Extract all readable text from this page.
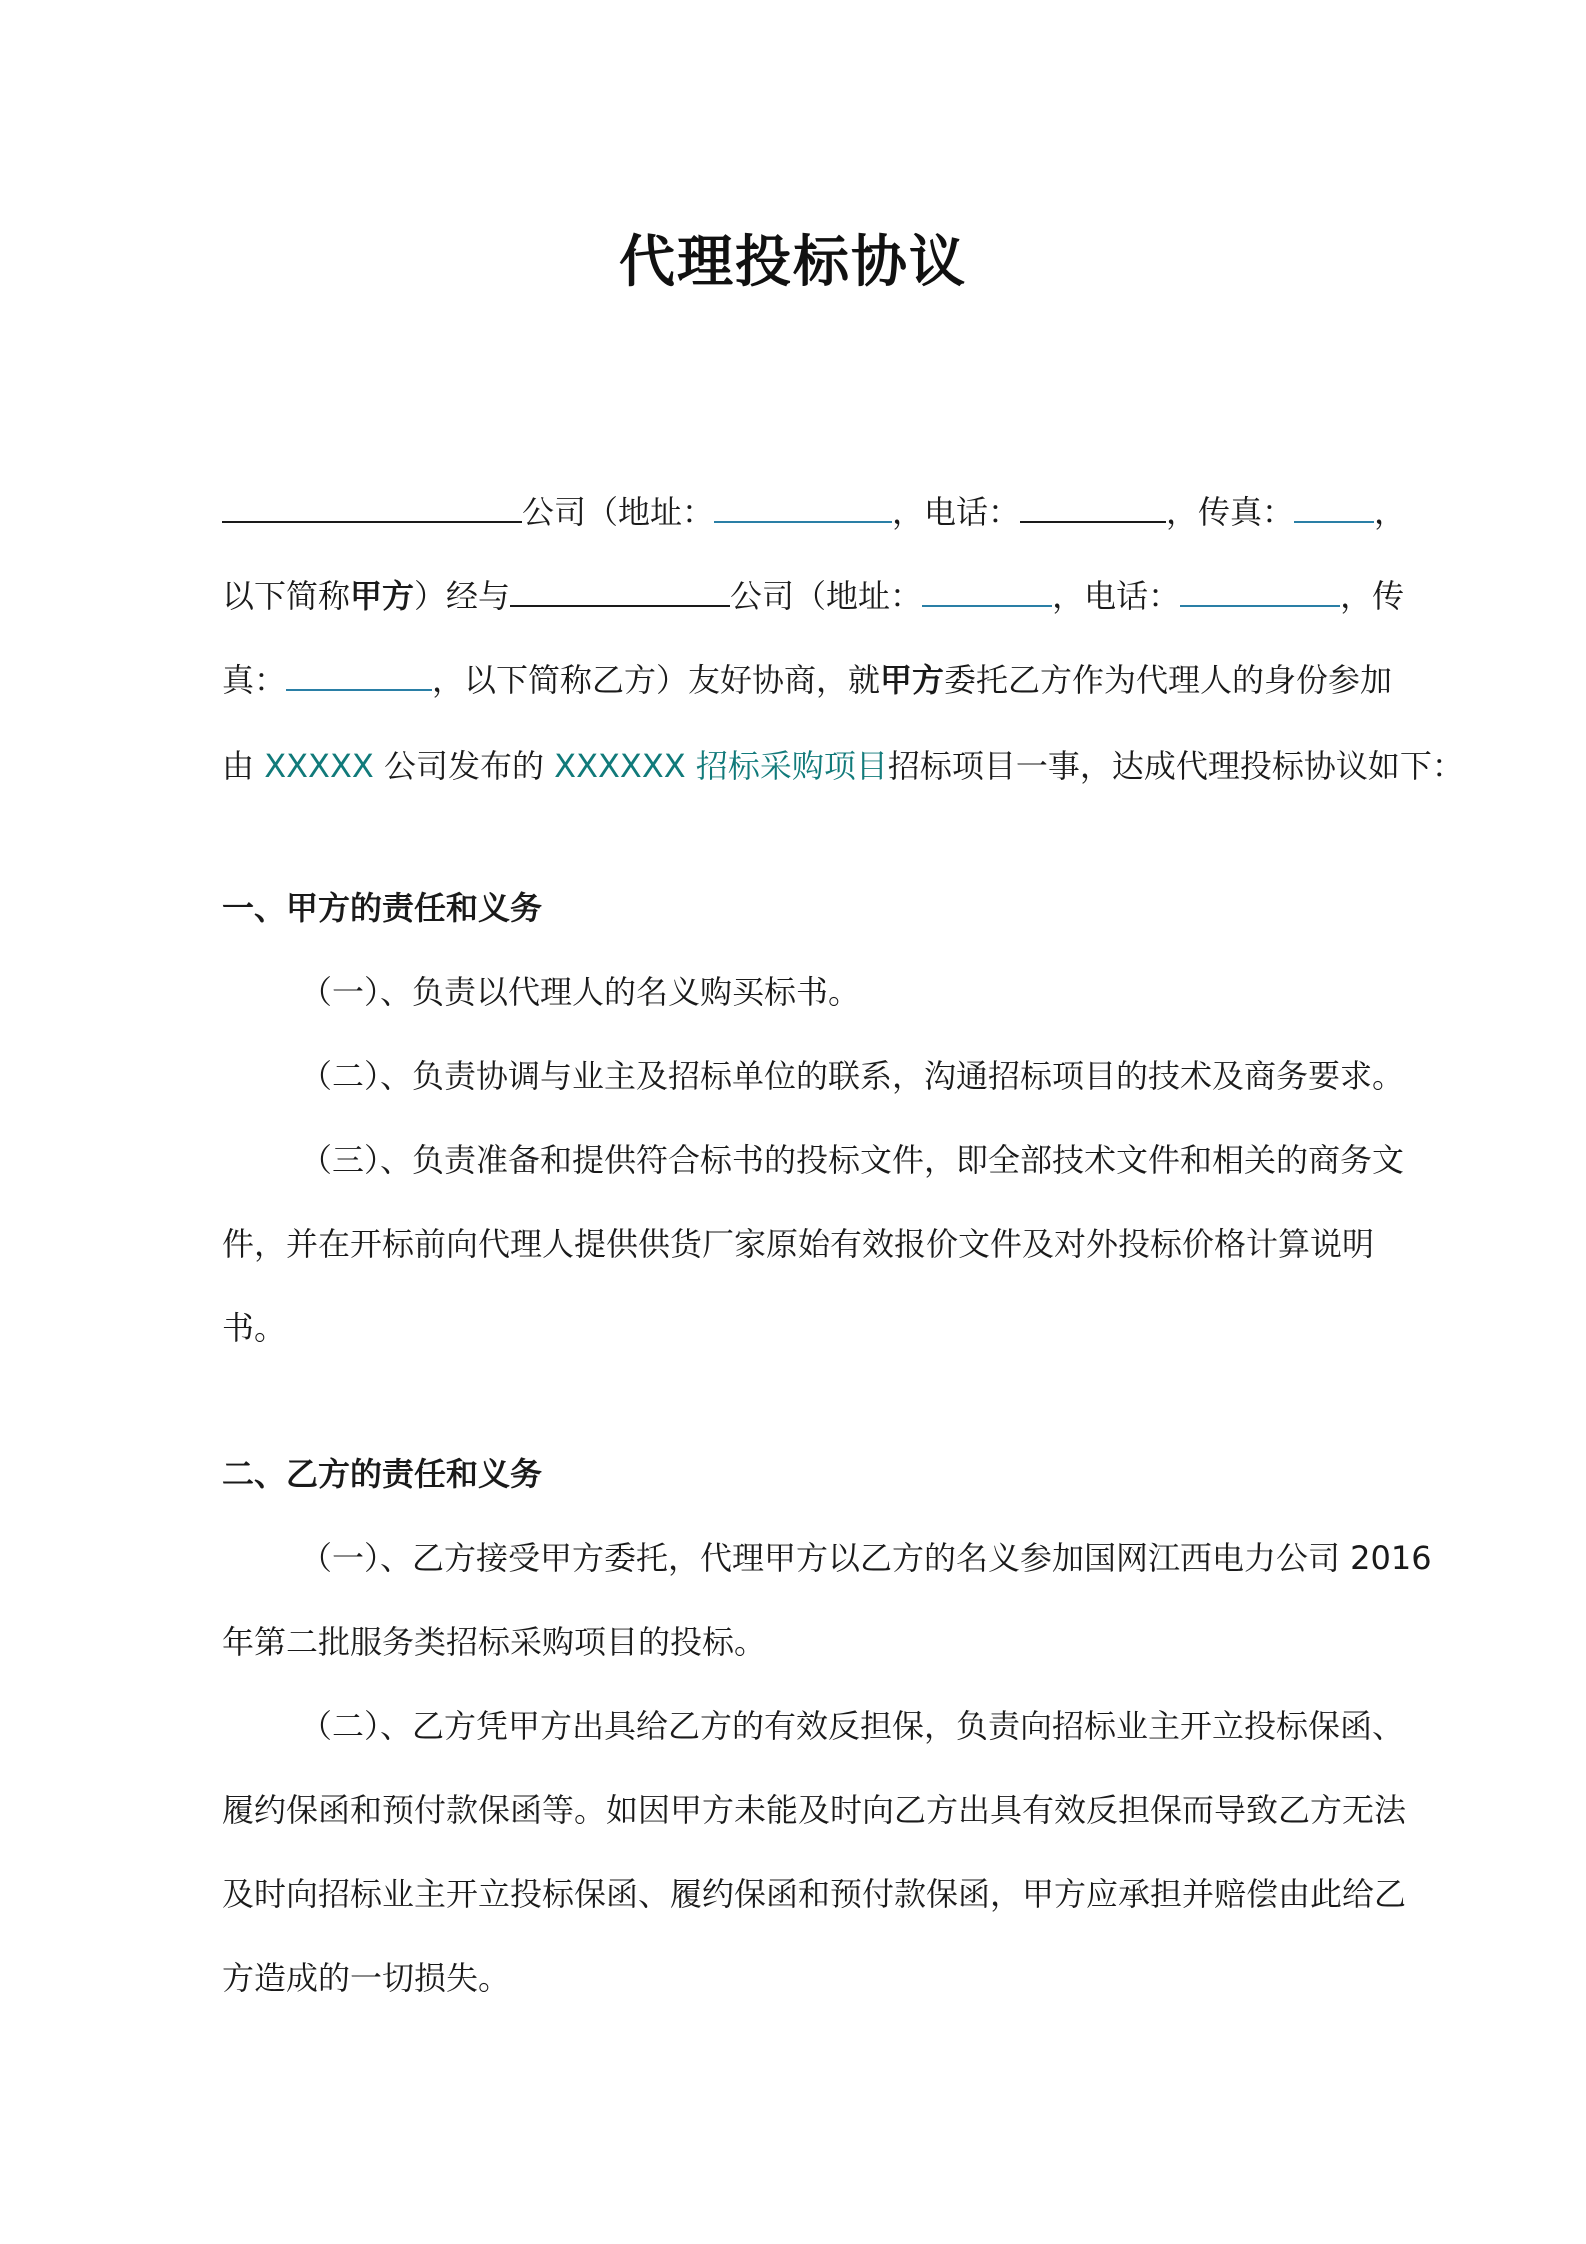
代理投标协议
公司（地址：	，电话：	，传真：	，
以下简称甲方）经与	公司（地址：	，电话：	，传
真：	，以下简称乙方）友好协商，就甲方委托乙方作为代理人的身份参加
由 XXXXX 公司发布的 XXXXXX 招标采购项目招标项目一事，达成代理投标协议如下：
一、甲方的责任和义务
（一）、负责以代理人的名义购买标书。
（二）、负责协调与业主及招标单位的联系，沟通招标项目的技术及商务要求。
（三）、负责准备和提供符合标书的投标文件，即全部技术文件和相关的商务文
件，并在开标前向代理人提供供货厂家原始有效报价文件及对外投标价格计算说明
书。
二、乙方的责任和义务
（一）、乙方接受甲方委托，代理甲方以乙方的名义参加国网江西电力公司 2016
年第二批服务类招标采购项目的投标。
（二）、乙方凭甲方出具给乙方的有效反担保，负责向招标业主开立投标保函、
履约保函和预付款保函等。如因甲方未能及时向乙方出具有效反担保而导致乙方无法
及时向招标业主开立投标保函、履约保函和预付款保函，甲方应承担并赔偿由此给乙
方造成的一切损失。
